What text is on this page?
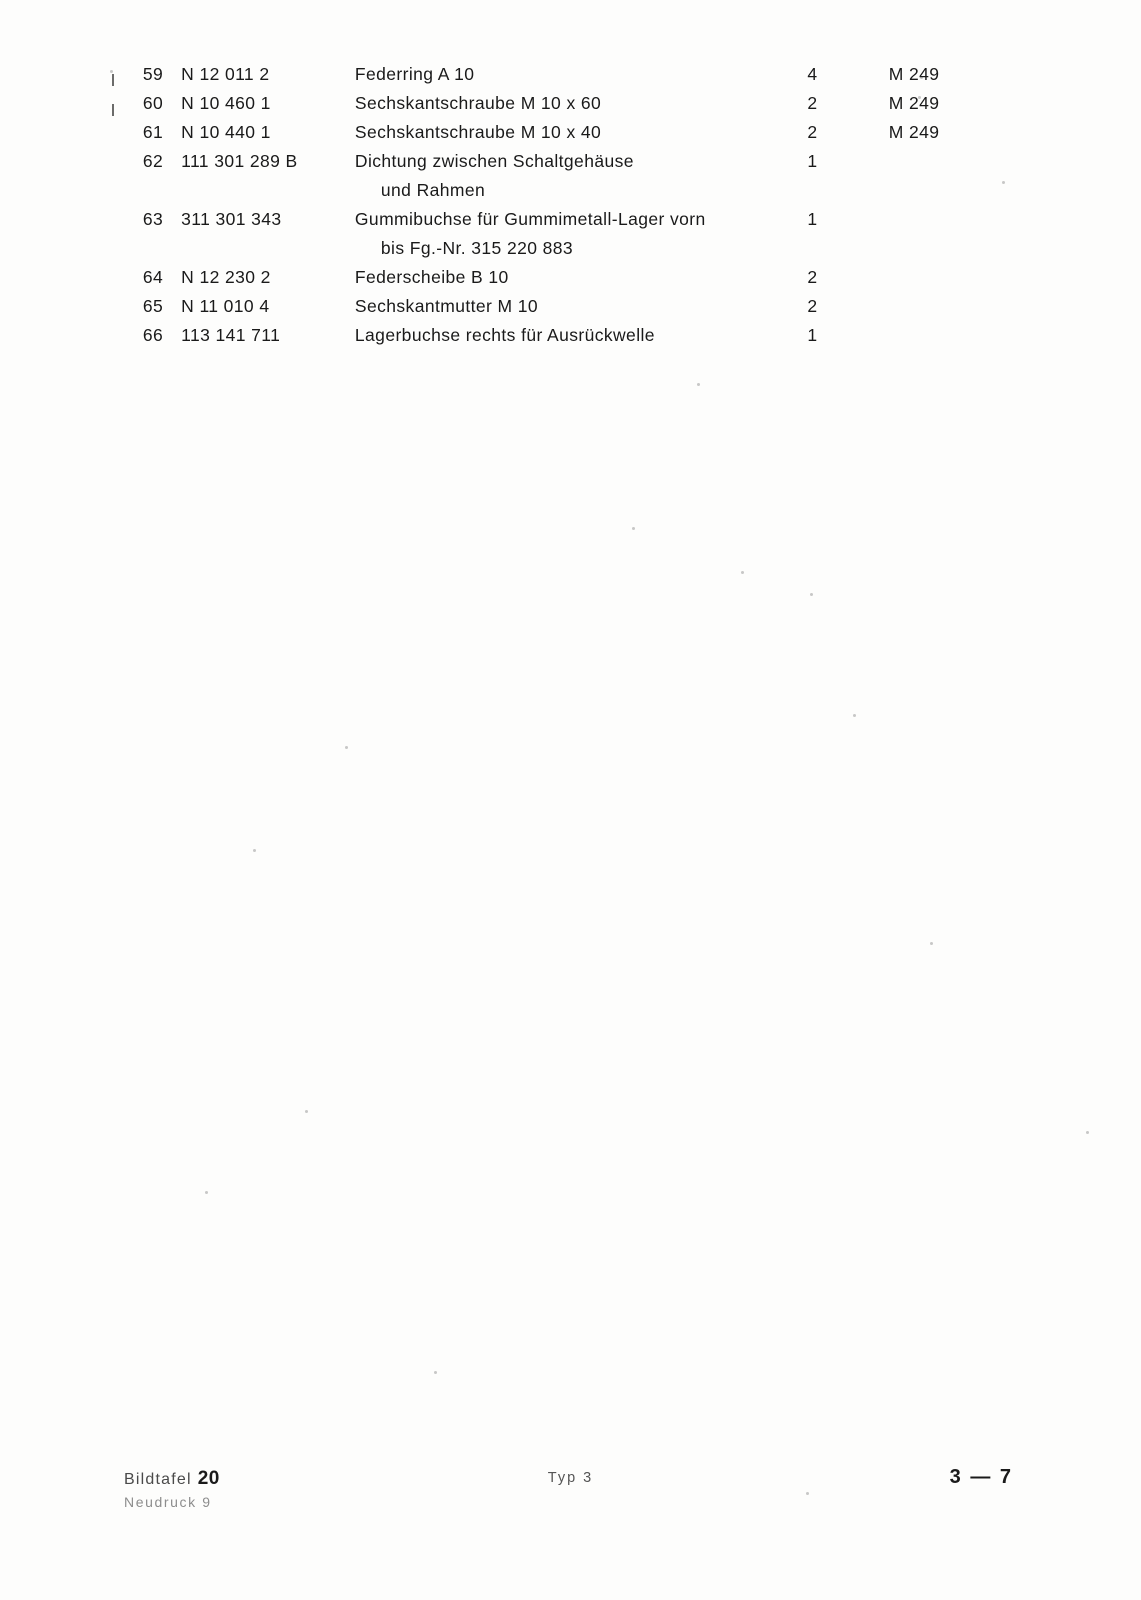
59	N 12 011 2	Federring A 10	4	M 249
60	N 10 460 1	Sechskantschraube M 10 x 60	2	M 249
61	N 10 440 1	Sechskantschraube M 10 x 40	2	M 249
62	111 301 289 B	Dichtung zwischen Schaltgehäuse
und Rahmen	1	
63	311 301 343	Gummibuchse für Gummimetall-Lager vorn
bis Fg.-Nr. 315 220 883	1	
64	N 12 230 2	Federscheibe B 10	2	
65	N 11 010 4	Sechskantmutter M 10	2	
66	113 141 711	Lagerbuchse rechts für Ausrückwelle	1	
Bildtafel 20
Neudruck 9
Typ 3	3 — 7
